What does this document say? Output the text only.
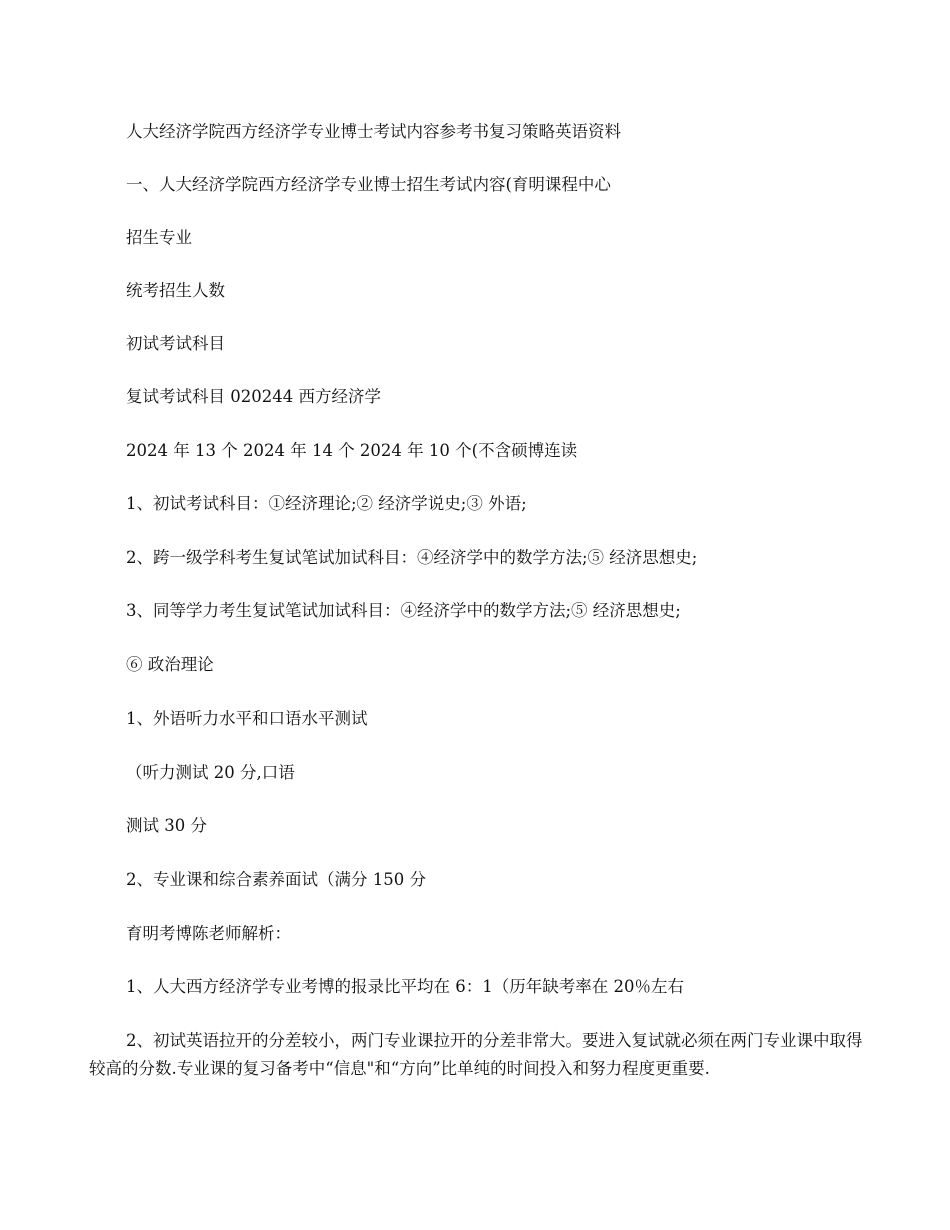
人大经济学院西方经济学专业博士考试内容参考书复习策略英语资料
一、人大经济学院西方经济学专业博士招生考试内容(育明课程中心
招生专业
统考招生人数
初试考试科目
复试考试科目 020244 西方经济学
2024 年 13 个 2024 年 14 个 2024 年 10 个(不含硕博连读
1、初试考试科目：①经济理论;② 经济学说史;③ 外语;
2、跨一级学科考生复试笔试加试科目：④经济学中的数学方法;⑤ 经济思想史;
3、同等学力考生复试笔试加试科目：④经济学中的数学方法;⑤ 经济思想史;
⑥ 政治理论
1、外语听力水平和口语水平测试
（听力测试 20 分,口语
测试 30 分
2、专业课和综合素养面试（满分 150 分
育明考博陈老师解析：
1、人大西方经济学专业考博的报录比平均在 6：1（历年缺考率在 20％左右
2、初试英语拉开的分差较小，两门专业课拉开的分差非常大。要进入复试就必须在两门专业课中取得较高的分数.专业课的复习备考中“信息"和“方向”比单纯的时间投入和努力程度更重要.
